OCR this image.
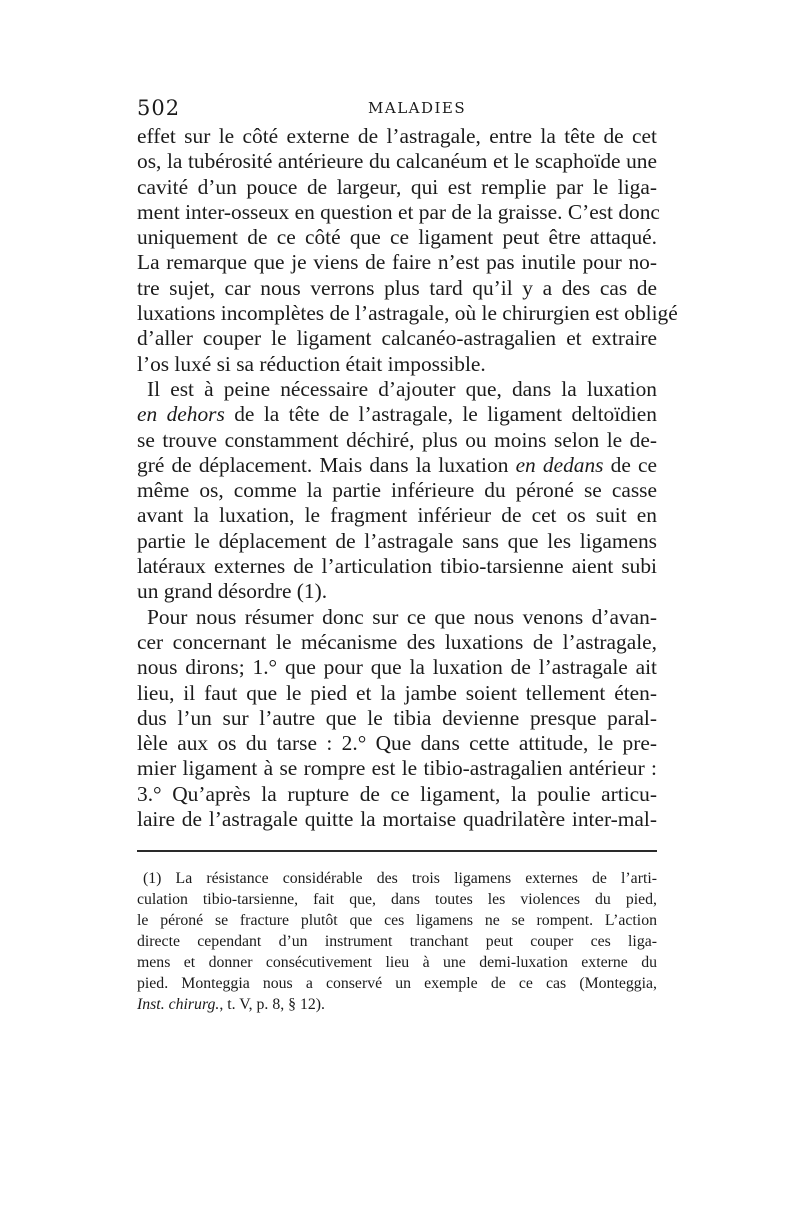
502	MALADIES
effet sur le côté externe de l’astragale, entre la tête de cet
os, la tubérosité antérieure du calcanéum et le scaphoïde une
cavité d’un pouce de largeur, qui est remplie par le liga-
ment inter-osseux en question et par de la graisse. C’est donc
uniquement de ce côté que ce ligament peut être attaqué.
La remarque que je viens de faire n’est pas inutile pour no-
tre sujet, car nous verrons plus tard qu’il y a des cas de
luxations incomplètes de l’astragale, où le chirurgien est obligé
d’aller couper le ligament calcanéo-astragalien et extraire
l’os luxé si sa réduction était impossible.
Il est à peine nécessaire d’ajouter que, dans la luxation
en dehors de la tête de l’astragale, le ligament deltoïdien
se trouve constamment déchiré, plus ou moins selon le de-
gré de déplacement. Mais dans la luxation en dedans de ce
même os, comme la partie inférieure du péroné se casse
avant la luxation, le fragment inférieur de cet os suit en
partie le déplacement de l’astragale sans que les ligamens
latéraux externes de l’articulation tibio-tarsienne aient subi
un grand désordre (1).
Pour nous résumer donc sur ce que nous venons d’avan-
cer concernant le mécanisme des luxations de l’astragale,
nous dirons; 1.° que pour que la luxation de l’astragale ait
lieu, il faut que le pied et la jambe soient tellement éten-
dus l’un sur l’autre que le tibia devienne presque paral-
lèle aux os du tarse : 2.° Que dans cette attitude, le pre-
mier ligament à se rompre est le tibio-astragalien antérieur :
3.° Qu’après la rupture de ce ligament, la poulie articu-
laire de l’astragale quitte la mortaise quadrilatère inter-mal-
(1) La résistance considérable des trois ligamens externes de l’arti-
culation tibio-tarsienne, fait que, dans toutes les violences du pied,
le péroné se fracture plutôt que ces ligamens ne se rompent. L’action
directe cependant d’un instrument tranchant peut couper ces liga-
mens et donner consécutivement lieu à une demi-luxation externe du
pied. Monteggia nous a conservé un exemple de ce cas (Monteggia,
Inst. chirurg., t. V, p. 8, § 12).
